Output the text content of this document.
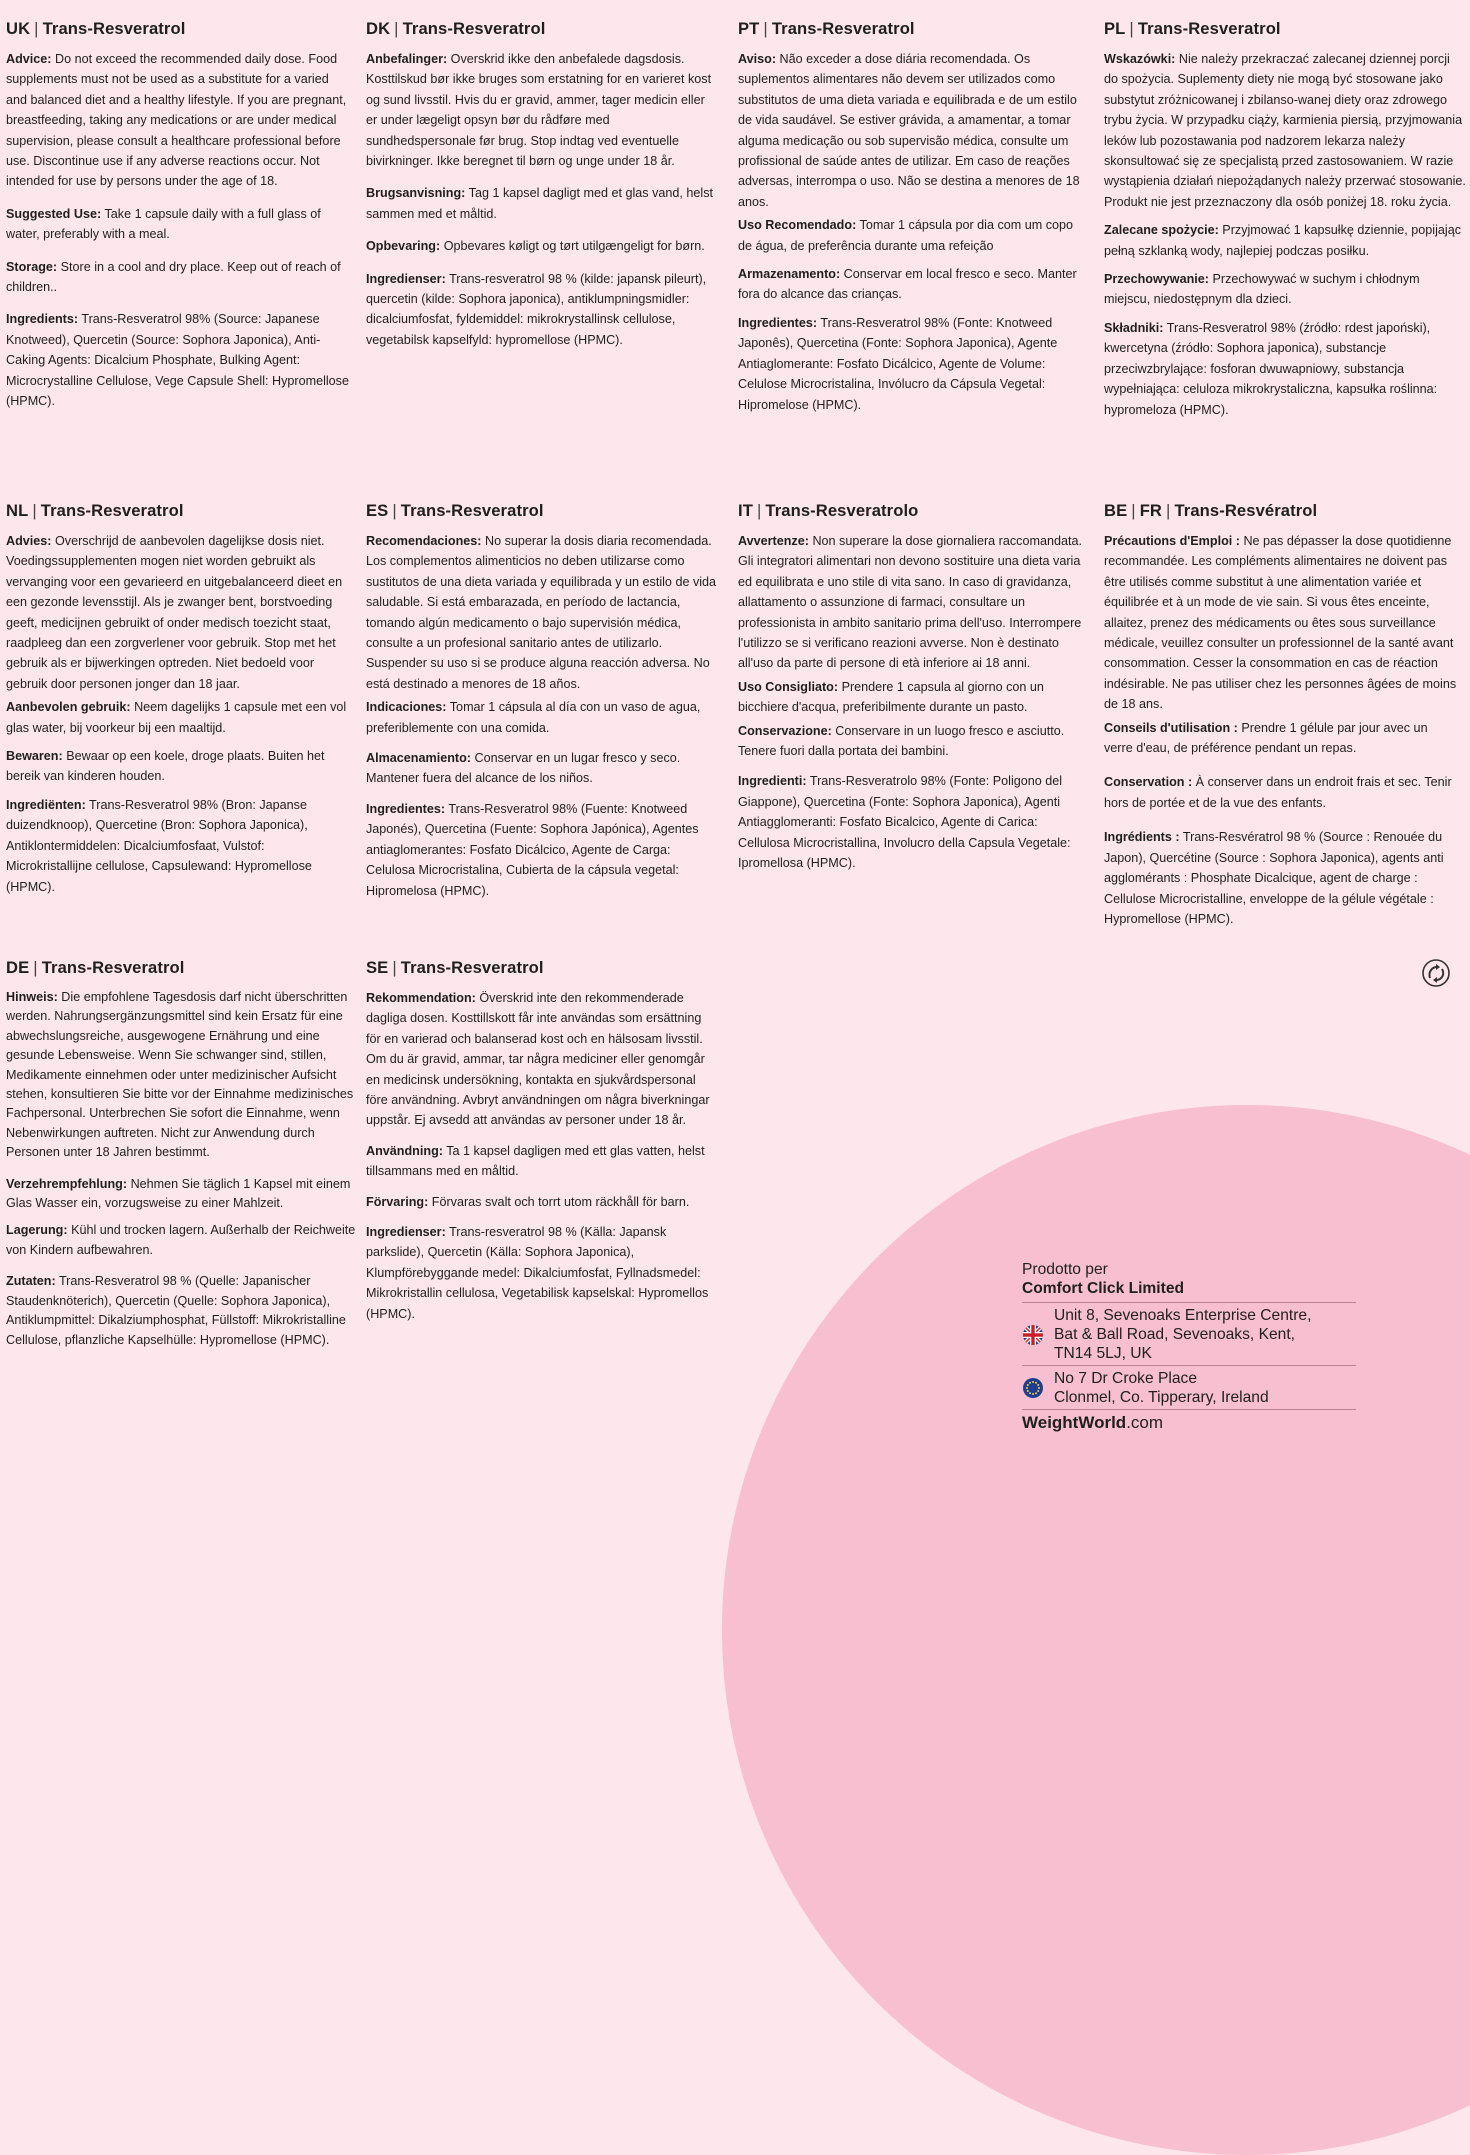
UK | Trans-Resveratrol

Advice: Do not exceed the recommended daily dose. Food supplements must not be used as a substitute for a varied and balanced diet and a healthy lifestyle. If you are pregnant, breastfeeding, taking any medications or are under medical supervision, please consult a healthcare professional before use. Discontinue use if any adverse reactions occur. Not intended for use by persons under the age of 18.

Suggested Use: Take 1 capsule daily with a full glass of water, preferably with a meal.

Storage: Store in a cool and dry place. Keep out of reach of children..

Ingredients: Trans-Resveratrol 98% (Source: Japanese Knotweed), Quercetin (Source: Sophora Japonica), Anti-Caking Agents: Dicalcium Phosphate, Bulking Agent: Microcrystalline Cellulose, Vege Capsule Shell: Hypromellose (HPMC).

DK | Trans-Resveratrol

Anbefalinger: Overskrid ikke den anbefalede dagsdosis. Kosttilskud bør ikke bruges som erstatning for en varieret kost og sund livsstil. Hvis du er gravid, ammer, tager medicin eller er under lægeligt opsyn bør du rådføre med sundhedspersonale før brug. Stop indtag ved eventuelle bivirkninger. Ikke beregnet til børn og unge under 18 år.

Brugsanvisning: Tag 1 kapsel dagligt med et glas vand, helst sammen med et måltid.

Opbevaring: Opbevares køligt og tørt utilgængeligt for børn.

Ingredienser: Trans-resveratrol 98 % (kilde: japansk pileurt), quercetin (kilde: Sophora japonica), antiklumpningsmidler: dicalciumfosfat, fyldemiddel: mikrokrystallinsk cellulose, vegetabilsk kapselfyld: hypromellose (HPMC).

PT | Trans-Resveratrol

Aviso: Não exceder a dose diária recomendada. Os suplementos alimentares não devem ser utilizados como substitutos de uma dieta variada e equilibrada e de um estilo de vida saudável. Se estiver grávida, a amamentar, a tomar alguma medicação ou sob supervisão médica, consulte um profissional de saúde antes de utilizar. Em caso de reações adversas, interrompa o uso. Não se destina a menores de 18 anos.

Uso Recomendado: Tomar 1 cápsula por dia com um copo de água, de preferência durante uma refeição

Armazenamento: Conservar em local fresco e seco. Manter fora do alcance das crianças.

Ingredientes: Trans-Resveratrol 98% (Fonte: Knotweed Japonês), Quercetina (Fonte: Sophora Japonica), Agente Antiaglomerante: Fosfato Dicálcico, Agente de Volume: Celulose Microcristalina, Invólucro da Cápsula Vegetal: Hipromelose (HPMC).

PL | Trans-Resveratrol

Wskazówki: Nie należy przekraczać zalecanej dziennej porcji do spożycia. Suplementy diety nie mogą być stosowane jako substytut zróżnicowanej i zbilanso-wanej diety oraz zdrowego trybu życia. W przypadku ciąży, karmienia piersią, przyjmowania leków lub pozostawania pod nadzorem lekarza należy skonsultować się ze specjalistą przed zastosowaniem. W razie wystąpienia działań niepożądanych należy przerwać stosowanie. Produkt nie jest przeznaczony dla osób poniżej 18. roku życia.

Zalecane spożycie: Przyjmować 1 kapsułkę dziennie, popijając pełną szklanką wody, najlepiej podczas posiłku.

Przechowywanie: Przechowywać w suchym i chłodnym miejscu, niedostępnym dla dzieci.

Składniki: Trans-Resveratrol 98% (źródło: rdest japoński), kwercetyna (źródło: Sophora japonica), substancje przeciwzbrylające: fosforan dwuwapniowy, substancja wypełniająca: celuloza mikrokrystaliczna, kapsułka roślinna: hypromeloza (HPMC).

NL | Trans-Resveratrol

Advies: Overschrijd de aanbevolen dagelijkse dosis niet. Voedingssupplementen mogen niet worden gebruikt als vervanging voor een gevarieerd en uitgebalanceerd dieet en een gezonde levensstijl. Als je zwanger bent, borstvoeding geeft, medicijnen gebruikt of onder medisch toezicht staat, raadpleeg dan een zorgverlener voor gebruik. Stop met het gebruik als er bijwerkingen optreden. Niet bedoeld voor gebruik door personen jonger dan 18 jaar.

Aanbevolen gebruik: Neem dagelijks 1 capsule met een vol glas water, bij voorkeur bij een maaltijd.

Bewaren: Bewaar op een koele, droge plaats. Buiten het bereik van kinderen houden.

Ingrediënten: Trans-Resveratrol 98% (Bron: Japanse duizendknoop), Quercetine (Bron: Sophora Japonica), Antiklontermiddelen: Dicalciumfosfaat, Vulstof: Microkristallijne cellulose, Capsulewand: Hypromellose (HPMC).

ES | Trans-Resveratrol

Recomendaciones: No superar la dosis diaria recomendada. Los complementos alimenticios no deben utilizarse como sustitutos de una dieta variada y equilibrada y un estilo de vida saludable. Si está embarazada, en período de lactancia, tomando algún medicamento o bajo supervisión médica, consulte a un profesional sanitario antes de utilizarlo. Suspender su uso si se produce alguna reacción adversa. No está destinado a menores de 18 años.

Indicaciones: Tomar 1 cápsula al día con un vaso de agua, preferiblemente con una comida.

Almacenamiento: Conservar en un lugar fresco y seco. Mantener fuera del alcance de los niños.

Ingredientes: Trans-Resveratrol 98% (Fuente: Knotweed Japonés), Quercetina (Fuente: Sophora Japónica), Agentes antiaglomerantes: Fosfato Dicálcico, Agente de Carga: Celulosa Microcristalina, Cubierta de la cápsula vegetal: Hipromelosa (HPMC).

IT | Trans-Resveratrolo

Avvertenze: Non superare la dose giornaliera raccomandata. Gli integratori alimentari non devono sostituire una dieta varia ed equilibrata e uno stile di vita sano. In caso di gravidanza, allattamento o assunzione di farmaci, consultare un professionista in ambito sanitario prima dell'uso. Interrompere l'utilizzo se si verificano reazioni avverse. Non è destinato all'uso da parte di persone di età inferiore ai 18 anni.

Uso Consigliato: Prendere 1 capsula al giorno con un bicchiere d'acqua, preferibilmente durante un pasto.

Conservazione: Conservare in un luogo fresco e asciutto. Tenere fuori dalla portata dei bambini.

Ingredienti: Trans-Resveratrolo 98% (Fonte: Poligono del Giappone), Quercetina (Fonte: Sophora Japonica), Agenti Antiagglomeranti: Fosfato Bicalcico, Agente di Carica: Cellulosa Microcristallina, Involucro della Capsula Vegetale: Ipromellosa (HPMC).

BE | FR | Trans-Resvératrol

Précautions d'Emploi : Ne pas dépasser la dose quotidienne recommandée. Les compléments alimentaires ne doivent pas être utilisés comme substitut à une alimentation variée et équilibrée et à un mode de vie sain. Si vous êtes enceinte, allaitez, prenez des médicaments ou êtes sous surveillance médicale, veuillez consulter un professionnel de la santé avant consommation. Cesser la consommation en cas de réaction indésirable. Ne pas utiliser chez les personnes âgées de moins de 18 ans.

Conseils d'utilisation : Prendre 1 gélule par jour avec un verre d'eau, de préférence pendant un repas.

Conservation : À conserver dans un endroit frais et sec. Tenir hors de portée et de la vue des enfants.

Ingrédients : Trans-Resvératrol 98 % (Source : Renouée du Japon), Quercétine (Source : Sophora Japonica), agents anti agglomérants : Phosphate Dicalcique, agent de charge : Cellulose Microcristalline, enveloppe de la gélule végétale : Hypromellose (HPMC).

DE | Trans-Resveratrol

Hinweis: Die empfohlene Tagesdosis darf nicht überschritten werden. Nahrungsergänzungsmittel sind kein Ersatz für eine abwechslungsreiche, ausgewogene Ernährung und eine gesunde Lebensweise. Wenn Sie schwanger sind, stillen, Medikamente einnehmen oder unter medizinischer Aufsicht stehen, konsultieren Sie bitte vor der Einnahme medizinisches Fachpersonal. Unterbrechen Sie sofort die Einnahme, wenn Nebenwirkungen auftreten. Nicht zur Anwendung durch Personen unter 18 Jahren bestimmt.

Verzehrempfehlung: Nehmen Sie täglich 1 Kapsel mit einem Glas Wasser ein, vorzugsweise zu einer Mahlzeit.

Lagerung: Kühl und trocken lagern. Außerhalb der Reichweite von Kindern aufbewahren.

Zutaten: Trans-Resveratrol 98 % (Quelle: Japanischer Staudenknöterich), Quercetin (Quelle: Sophora Japonica), Antiklumpmittel: Dikalziumphosphat, Füllstoff: Mikrokristalline Cellulose, pflanzliche Kapselhülle: Hypromellose (HPMC).

SE | Trans-Resveratrol

Rekommendation: Överskrid inte den rekommenderade dagliga dosen. Kosttillskott får inte användas som ersättning för en varierad och balanserad kost och en hälsosam livsstil. Om du är gravid, ammar, tar några mediciner eller genomgår en medicinsk undersökning, kontakta en sjukvårdspersonal före användning. Avbryt användningen om några biverkningar uppstår. Ej avsedd att användas av personer under 18 år.

Användning: Ta 1 kapsel dagligen med ett glas vatten, helst tillsammans med en måltid.

Förvaring: Förvaras svalt och torrt utom räckhåll för barn.

Ingredienser: Trans-resveratrol 98 % (Källa: Japansk parkslide), Quercetin (Källa: Sophora Japonica), Klumpförebyggande medel: Dikalciumfosfat, Fyllnadsmedel: Mikrokristallin cellulosa, Vegetabilisk kapselskal: Hypromellos (HPMC).

Prodotto per

Comfort Click Limited

Unit 8, Sevenoaks Enterprise Centre,
Bat & Ball Road, Sevenoaks, Kent,
TN14 5LJ, UK
No 7 Dr Croke Place
Clonmel, Co. Tipperary, Ireland
WeightWorld.com
